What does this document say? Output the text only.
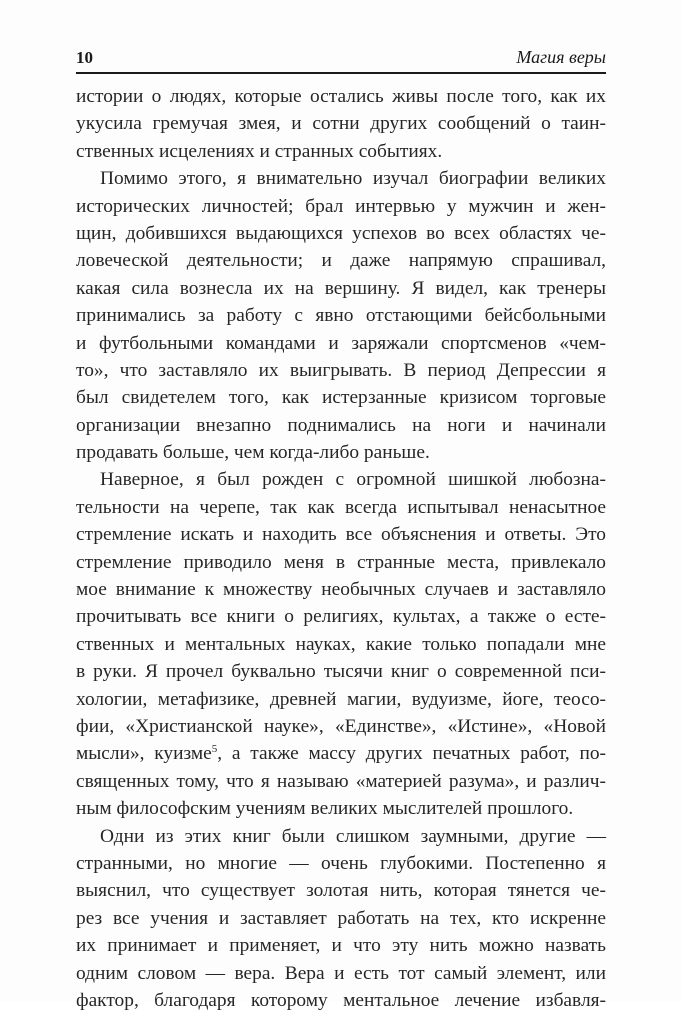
10	Магия веры
истории о людях, которые остались живы после того, как их
укусила гремучая змея, и сотни других сообщений о таин-
ственных исцелениях и странных событиях.
Помимо этого, я внимательно изучал биографии великих
исторических личностей; брал интервью у мужчин и жен-
щин, добившихся выдающихся успехов во всех областях че-
ловеческой деятельности; и даже напрямую спрашивал,
какая сила вознесла их на вершину. Я видел, как тренеры
принимались за работу с явно отстающими бейсбольными
и футбольными командами и заряжали спортсменов «чем-
то», что заставляло их выигрывать. В период Депрессии я
был свидетелем того, как истерзанные кризисом торговые
организации внезапно поднимались на ноги и начинали
продавать больше, чем когда-либо раньше.
Наверное, я был рожден с огромной шишкой любозна-
тельности на черепе, так как всегда испытывал ненасытное
стремление искать и находить все объяснения и ответы. Это
стремление приводило меня в странные места, привлекало
мое внимание к множеству необычных случаев и заставляло
прочитывать все книги о религиях, культах, а также о есте-
ственных и ментальных науках, какие только попадали мне
в руки. Я прочел буквально тысячи книг о современной пси-
хологии, метафизике, древней магии, вудуизме, йоге, теосо-
фии, «Христианской науке», «Единстве», «Истине», «Новой
мысли», куизме$^5$, а также массу других печатных работ, по-
священных тому, что я называю «материей разума», и различ-
ным философским учениям великих мыслителей прошлого.
Одни из этих книг были слишком заумными, другие —
странными, но многие — очень глубокими. Постепенно я
выяснил, что существует золотая нить, которая тянется че-
рез все учения и заставляет работать на тех, кто искренне
их принимает и применяет, и что эту нить можно назвать
одним словом — вера. Вера и есть тот самый элемент, или
фактор, благодаря которому ментальное лечение избавля-
